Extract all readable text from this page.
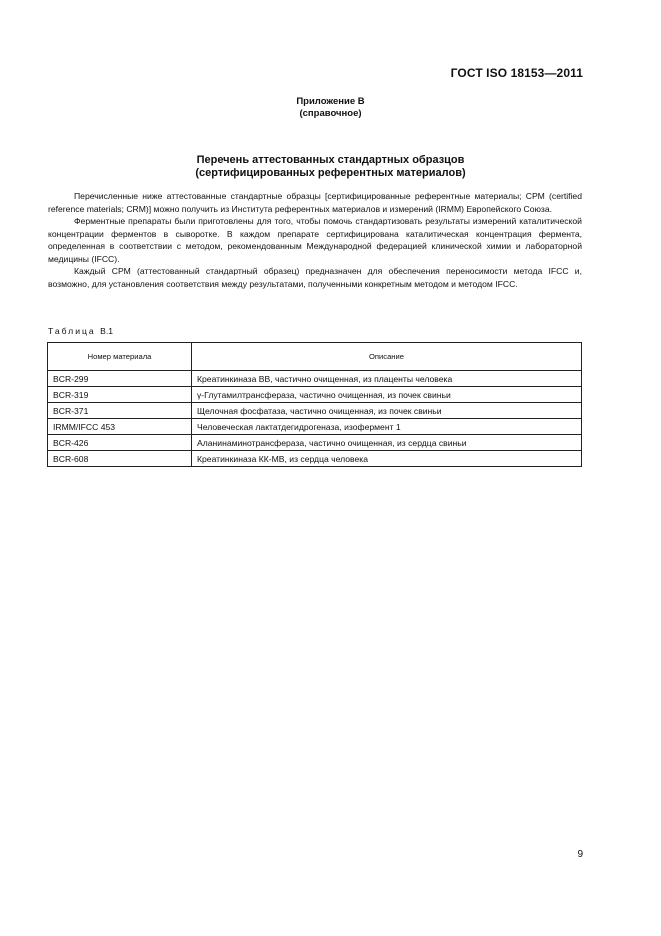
ГОСТ ISO 18153—2011
Приложение B
(справочное)
Перечень аттестованных стандартных образцов
(сертифицированных референтных материалов)

Перечисленные ниже аттестованные стандартные образцы [сертифицированные референтные материалы; СРМ (certified reference materials; CRM)] можно получить из Института референтных материалов и измерений (IRMM) Европейского Союза.

Ферментные препараты были приготовлены для того, чтобы помочь стандартизовать результаты измерений каталитической концентрации ферментов в сыворотке. В каждом препарате сертифицирована каталитическая концентрация фермента, определенная в соответствии с методом, рекомендованным Международной федерацией клинической химии и лабораторной медицины (IFCC).

Каждый СРМ (аттестованный стандартный образец) предназначен для обеспечения переносимости метода IFCC и, возможно, для установления соответствия между результатами, полученными конкретным методом и методом IFCC.

Таблица B.1
Номер материала	Описание
BCR-299	Креатинкиназа ВВ, частично очищенная, из плаценты человека
BCR-319	γ-Глутамилтрансфераза, частично очищенная, из почек свиньи
BCR-371	Щелочная фосфатаза, частично очищенная, из почек свиньи
IRMM/IFCC 453	Человеческая лактатдегидрогеназа, изофермент 1
BCR-426	Аланинаминотрансфераза, частично очищенная, из сердца свиньи
BCR-608	Креатинкиназа КК-МВ, из сердца человека
9
